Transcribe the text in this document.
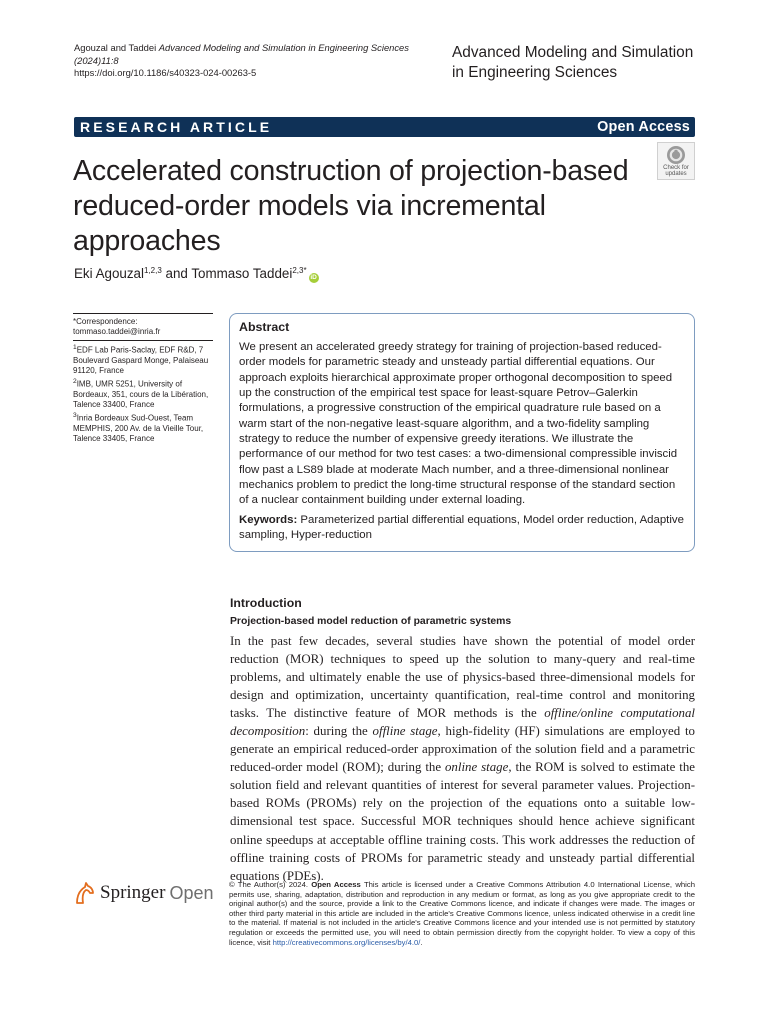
Agouzal and Taddei Advanced Modeling and Simulation in Engineering Sciences
(2024)11:8
https://doi.org/10.1186/s40323-024-00263-5
Advanced Modeling and Simulation
in Engineering Sciences
RESEARCH ARTICLE	Open Access
Accelerated construction of projection-based reduced-order models via incremental approaches
Check for
updates
Eki Agouzal$^{1,2,3}$ and Tommaso Taddei$^{2,3*}$iD
*Correspondence:
tommaso.taddei@inria.fr
$^1$EDF Lab Paris-Saclay, EDF R&D, 7 Boulevard Gaspard Monge, Palaiseau 91120, France
$^2$IMB, UMR 5251, University of Bordeaux, 351, cours de la Libération, Talence 33400, France
$^3$Inria Bordeaux Sud-Ouest, Team MEMPHIS, 200 Av. de la Vieille Tour, Talence 33405, France
Abstract
We present an accelerated greedy strategy for training of projection-based reduced-order models for parametric steady and unsteady partial differential equations. Our approach exploits hierarchical approximate proper orthogonal decomposition to speed up the construction of the empirical test space for least-square Petrov–Galerkin formulations, a progressive construction of the empirical quadrature rule based on a warm start of the non-negative least-square algorithm, and a two-fidelity sampling strategy to reduce the number of expensive greedy iterations. We illustrate the performance of our method for two test cases: a two-dimensional compressible inviscid flow past a LS89 blade at moderate Mach number, and a three-dimensional nonlinear mechanics problem to predict the long-time structural response of the standard section of a nuclear containment building under external loading.
Keywords: Parameterized partial differential equations, Model order reduction, Adaptive sampling, Hyper-reduction
Introduction
Projection-based model reduction of parametric systems
In the past few decades, several studies have shown the potential of model order reduction (MOR) techniques to speed up the solution to many-query and real-time problems, and ultimately enable the use of physics-based three-dimensional models for design and optimization, uncertainty quantification, real-time control and monitoring tasks. The distinctive feature of MOR methods is the offline/online computational decomposition: during the offline stage, high-fidelity (HF) simulations are employed to generate an empirical reduced-order approximation of the solution field and a parametric reduced-order model (ROM); during the online stage, the ROM is solved to estimate the solution field and relevant quantities of interest for several parameter values. Projection-based ROMs (PROMs) rely on the projection of the equations onto a suitable low-dimensional test space. Successful MOR techniques should hence achieve significant online speedups at acceptable offline training costs. This work addresses the reduction of offline training costs of PROMs for parametric steady and unsteady partial differential equations (PDEs).
Springer Open © The Author(s) 2024. Open Access This article is licensed under a Creative Commons Attribution 4.0 International License, which permits use, sharing, adaptation, distribution and reproduction in any medium or format, as long as you give appropriate credit to the original author(s) and the source, provide a link to the Creative Commons licence, and indicate if changes were made. The images or other third party material in this article are included in the article's Creative Commons licence, unless indicated otherwise in a credit line to the material. If material is not included in the article's Creative Commons licence and your intended use is not permitted by statutory regulation or exceeds the permitted use, you will need to obtain permission directly from the copyright holder. To view a copy of this licence, visit http://creativecommons.org/licenses/by/4.0/.
